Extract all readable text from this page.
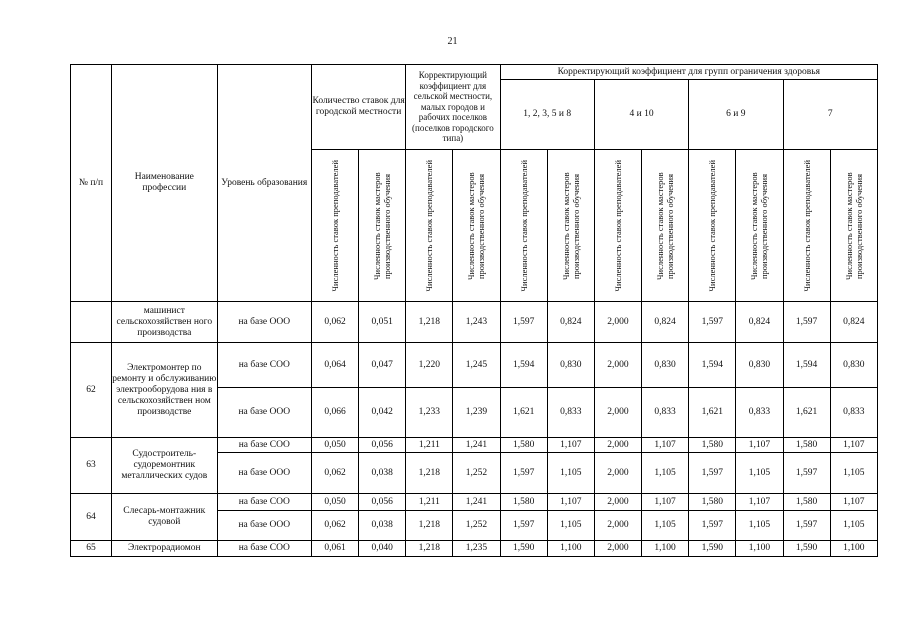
21
№ п/п	Наименование профессии	Уровень образования	Количество ставок для городской местности		Корректирующий коэффициент для сельской местности, малых городов и рабочих поселков (поселков городского типа)		Корректирующий коэффициент для групп ограничения здоровья							
							1, 2, 3, 5 и 8		4 и 10		6 и 9		7	

			Численность ставок преподавателей	Численность ставок мастеров производственного обучения	Численность ставок преподавателей	Численность ставок мастеров производственного обучения	Численность ставок преподавателей	Численность ставок мастеров производственного обучения	Численность ставок преподавателей	Численность ставок мастеров производственного обучения	Численность ставок преподавателей	Численность ставок мастеров производственного обучения	Численность ставок преподавателей	Численность ставок мастеров производственного обучения

	машинист сельскохозяйствен ного производства	на базе ООО	0,062	0,051	1,218	1,243	1,597	0,824	2,000	0,824	1,597	0,824	1,597	0,824
62	Электромонтер по ремонту и обслуживанию электрооборудова ния в сельскохозяйствен ном производстве	на базе СОО	0,064	0,047	1,220	1,245	1,594	0,830	2,000	0,830	1,594	0,830	1,594	0,830
		на базе ООО	0,066	0,042	1,233	1,239	1,621	0,833	2,000	0,833	1,621	0,833	1,621	0,833
63	Судостроитель-судоремонтник металлических судов	на базе СОО	0,050	0,056	1,211	1,241	1,580	1,107	2,000	1,107	1,580	1,107	1,580	1,107
		на базе ООО	0,062	0,038	1,218	1,252	1,597	1,105	2,000	1,105	1,597	1,105	1,597	1,105
64	Слесарь-монтажник судовой	на базе СОО	0,050	0,056	1,211	1,241	1,580	1,107	2,000	1,107	1,580	1,107	1,580	1,107
		на базе ООО	0,062	0,038	1,218	1,252	1,597	1,105	2,000	1,105	1,597	1,105	1,597	1,105
65	Электрорадиомон	на базе СОО	0,061	0,040	1,218	1,235	1,590	1,100	2,000	1,100	1,590	1,100	1,590	1,100
